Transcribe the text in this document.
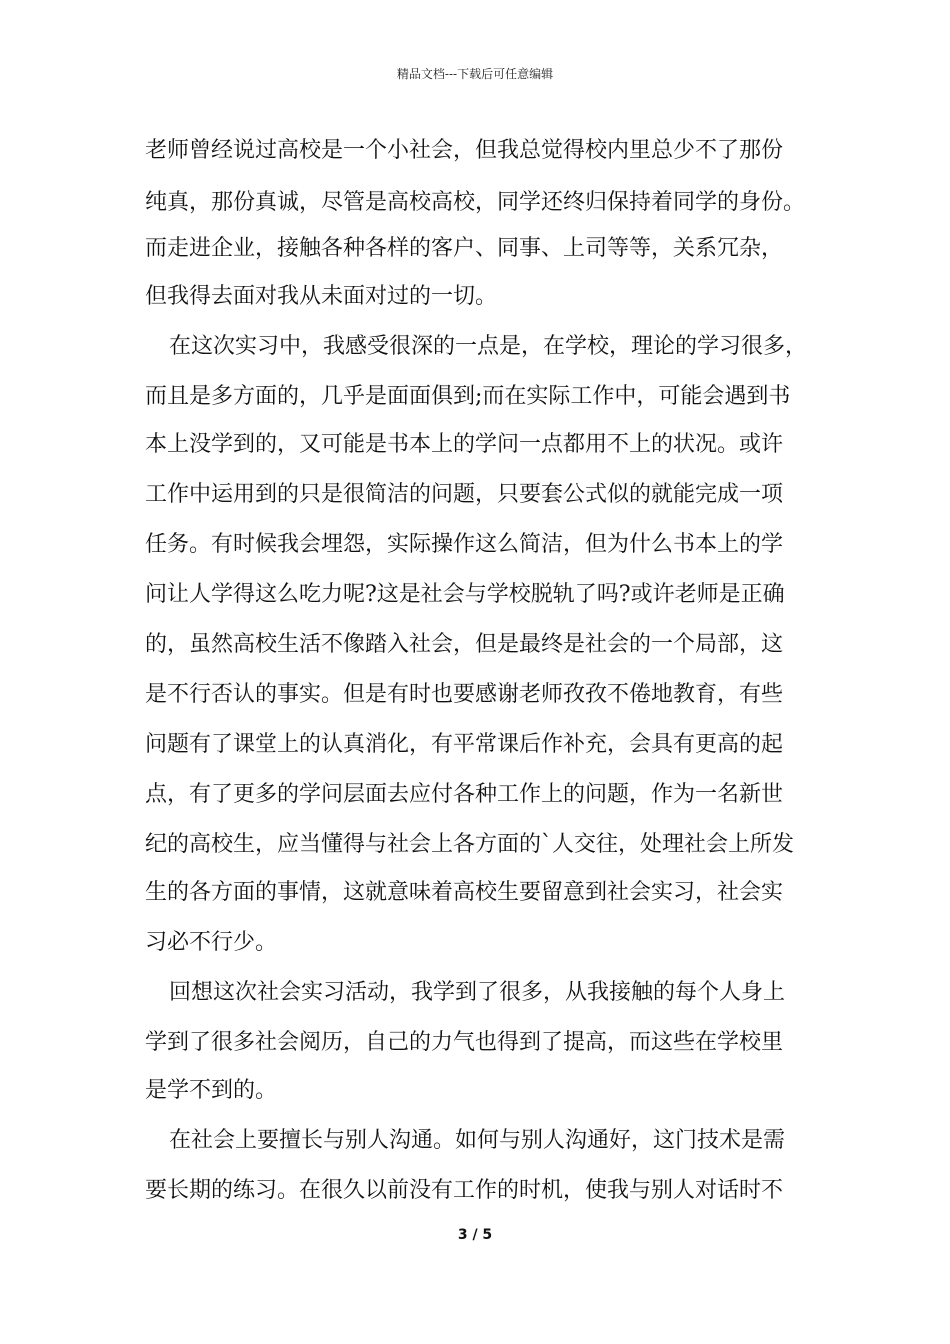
精品文档---下载后可任意编辑
老师曾经说过高校是一个小社会，但我总觉得校内里总少不了那份
纯真，那份真诚，尽管是高校高校，同学还终归保持着同学的身份。
而走进企业，接触各种各样的客户、同事、上司等等，关系冗杂，
但我得去面对我从未面对过的一切。
在这次实习中，我感受很深的一点是，在学校，理论的学习很多，
而且是多方面的，几乎是面面俱到;而在实际工作中，可能会遇到书
本上没学到的，又可能是书本上的学问一点都用不上的状况。或许
工作中运用到的只是很简洁的问题，只要套公式似的就能完成一项
任务。有时候我会埋怨，实际操作这么简洁，但为什么书本上的学
问让人学得这么吃力呢?这是社会与学校脱轨了吗?或许老师是正确
的，虽然高校生活不像踏入社会，但是最终是社会的一个局部，这
是不行否认的事实。但是有时也要感谢老师孜孜不倦地教育，有些
问题有了课堂上的认真消化，有平常课后作补充，会具有更高的起
点，有了更多的学问层面去应付各种工作上的问题，作为一名新世
纪的高校生，应当懂得与社会上各方面的`人交往，处理社会上所发
生的各方面的事情，这就意味着高校生要留意到社会实习，社会实
习必不行少。
回想这次社会实习活动，我学到了很多，从我接触的每个人身上
学到了很多社会阅历，自己的力气也得到了提高，而这些在学校里
是学不到的。
在社会上要擅长与别人沟通。如何与别人沟通好，这门技术是需
要长期的练习。在很久以前没有工作的时机，使我与别人对话时不
3 / 5
